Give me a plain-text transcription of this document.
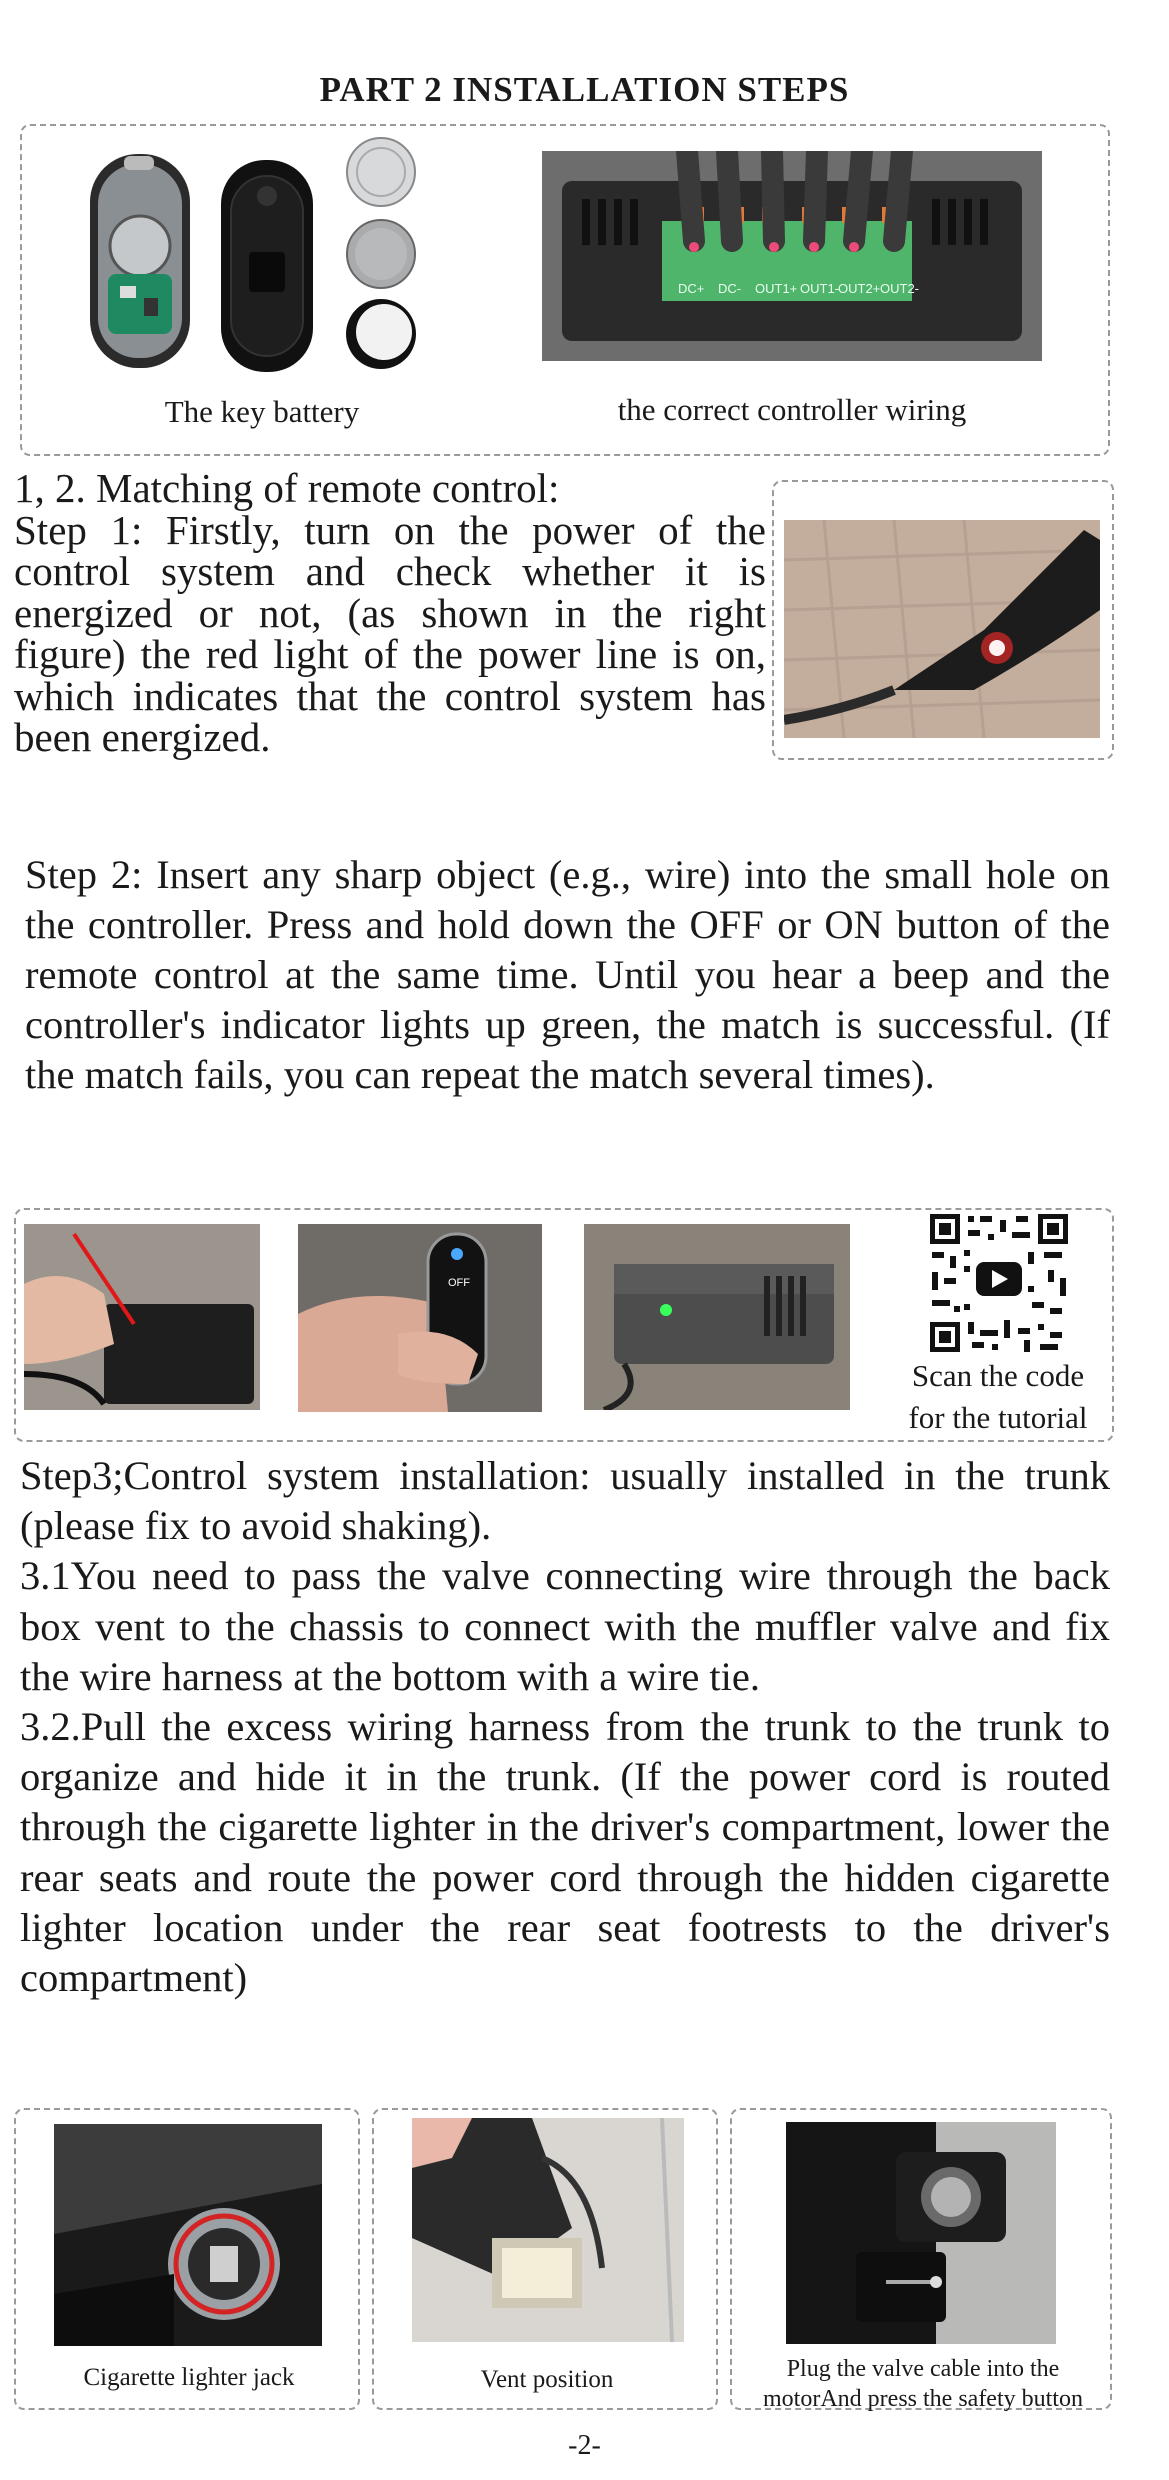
PART 2 INSTALLATION STEPS
DC+ DC- OUT1+ OUT1- OUT2+ OUT2-
The key battery	the correct controller wiring
1, 2. Matching of remote control:
Step 1: Firstly, turn on the power of the control system and check whether it is energized or not, (as shown in the right figure) the red light of the power line is on, which indicates that the control system has been energized.
Step 2: Insert any sharp object (e.g., wire) into the small hole on the controller. Press and hold down the OFF or ON button of the remote control at the same time. Until you hear a beep and the controller's indicator lights up green, the match is successful. (If the match fails, you can repeat the match several times).
OFF
Scan the code
for the tutorial
Step3;Control system installation: usually installed in the trunk (please fix to avoid shaking).
3.1You need to pass the valve connecting wire through the back box vent to the chassis to connect with the muffler valve and fix the wire harness at the bottom with a wire tie.
3.2.Pull the excess wiring harness from the trunk to the trunk to organize and hide it in the trunk. (If the power cord is routed through the cigarette lighter in the driver's compartment, lower the rear seats and route the power cord through the hidden cigarette lighter location under the rear seat footrests to the driver's compartment)
Cigarette lighter jack	Vent position	Plug the valve cable into the
motorAnd press the safety button
-2-
